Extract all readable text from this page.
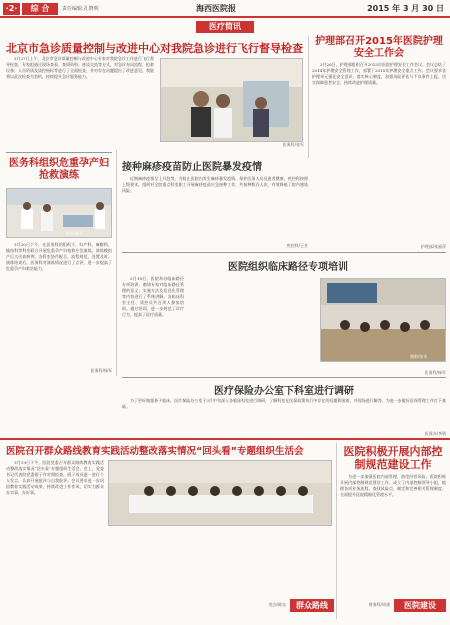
·2·	综 合	责任编辑:孔晓明	海西医院报	2015 年 3 月 30 日
医疗简讯
北京市急诊质量控制与改进中心对我院急诊进行飞行督导检查
3月27日上午，北京市急诊质量控制与改进中心专家对我院急诊工作进行飞行督导检查。专家组通过现场查看、查阅资料、座谈交流等方式，对急诊布局流程、抢救设备、人员资质及质控指标等进行了全面检查，并对存在问题提出了改进意见。我院将以此次检查为契机，持续提升急诊服务能力。
医务科/张军
护理部召开2015年医院护理安全工作会
3月26日，护理部组织召开2015年医院护理安全工作会议。会议总结了2014年护理安全管理工作，部署了2015年护理安全重点工作。会议要求各护理单元强化安全意识，落实核心制度，加强风险评估与不良事件上报，切实保障患者安全，持续改进护理质量。
护理部/张丽萍
医务科组织危重孕产妇抢救演练
摄影/杨军
3月20日下午，在医务科的组织下，妇产科、麻醉科、输血科等科室联合开展危重孕产妇抢救应急演练。演练模拟产后大出血病例，各科室协作配合，流程规范，处置及时。演练结束后，医务科对演练情况进行了点评，进一步提高了危重孕产妇救治能力。
医务科/杨军
接种麻疹疫苗防止医院暴发疫情
近期麻疹疫情呈上升趋势，为防止医院内发生麻疹暴发疫情，保护医务人员及患者健康，疾控科按照上级要求，组织对全院重点科室职工开展麻疹疫苗应急接种工作，共接种数百人次，有效降低了院内感染风险。
疾控科/王芳
医院组织临床路径专项培训
3月18日，医院举办临床路径专项培训，邀请专家对临床路径管理的意义、实施方法及信息化管理等内容进行了系统讲解。各临床科室主任、质控员共百余人参加培训。通过培训，进一步规范了诊疗行为，提高了医疗质量。
摄影/张军
医务科/杨军
医疗保险办公室下科室进行调研
为了更好地服务于临床，医疗保险办公室于3月中旬深入各临床科室进行调研，了解科室在医保政策执行中存在的问题和困难，并现场进行解答，为进一步做好医保管理工作打下基础。
医保办/李明
医院召开群众路线教育实践活动整改落实情况“回头看”专题组织生活会
3月19日下午，医院党委召开群众路线教育实践活动整改落实情况“回头看”专题组织生活会。会上，党委书记代表院党委班子作对照检查，班子成员逐一进行个人发言，认真开展批评与自我批评。会议要求进一步巩固教育实践活动成果，持续改进工作作风，切实为群众办实事、办好事。
党办/陈东	群众路线
医院积极开展内部控制规范建设工作
为进一步加强医院内部管理，防范经营风险，医院积极开展内部控制规范建设工作。成立了内部控制领导小组，梳理各项业务流程，查找风险点，制定和完善相关管理制度，全面提升医院精细化管理水平。
财务科/周建	医院建设
